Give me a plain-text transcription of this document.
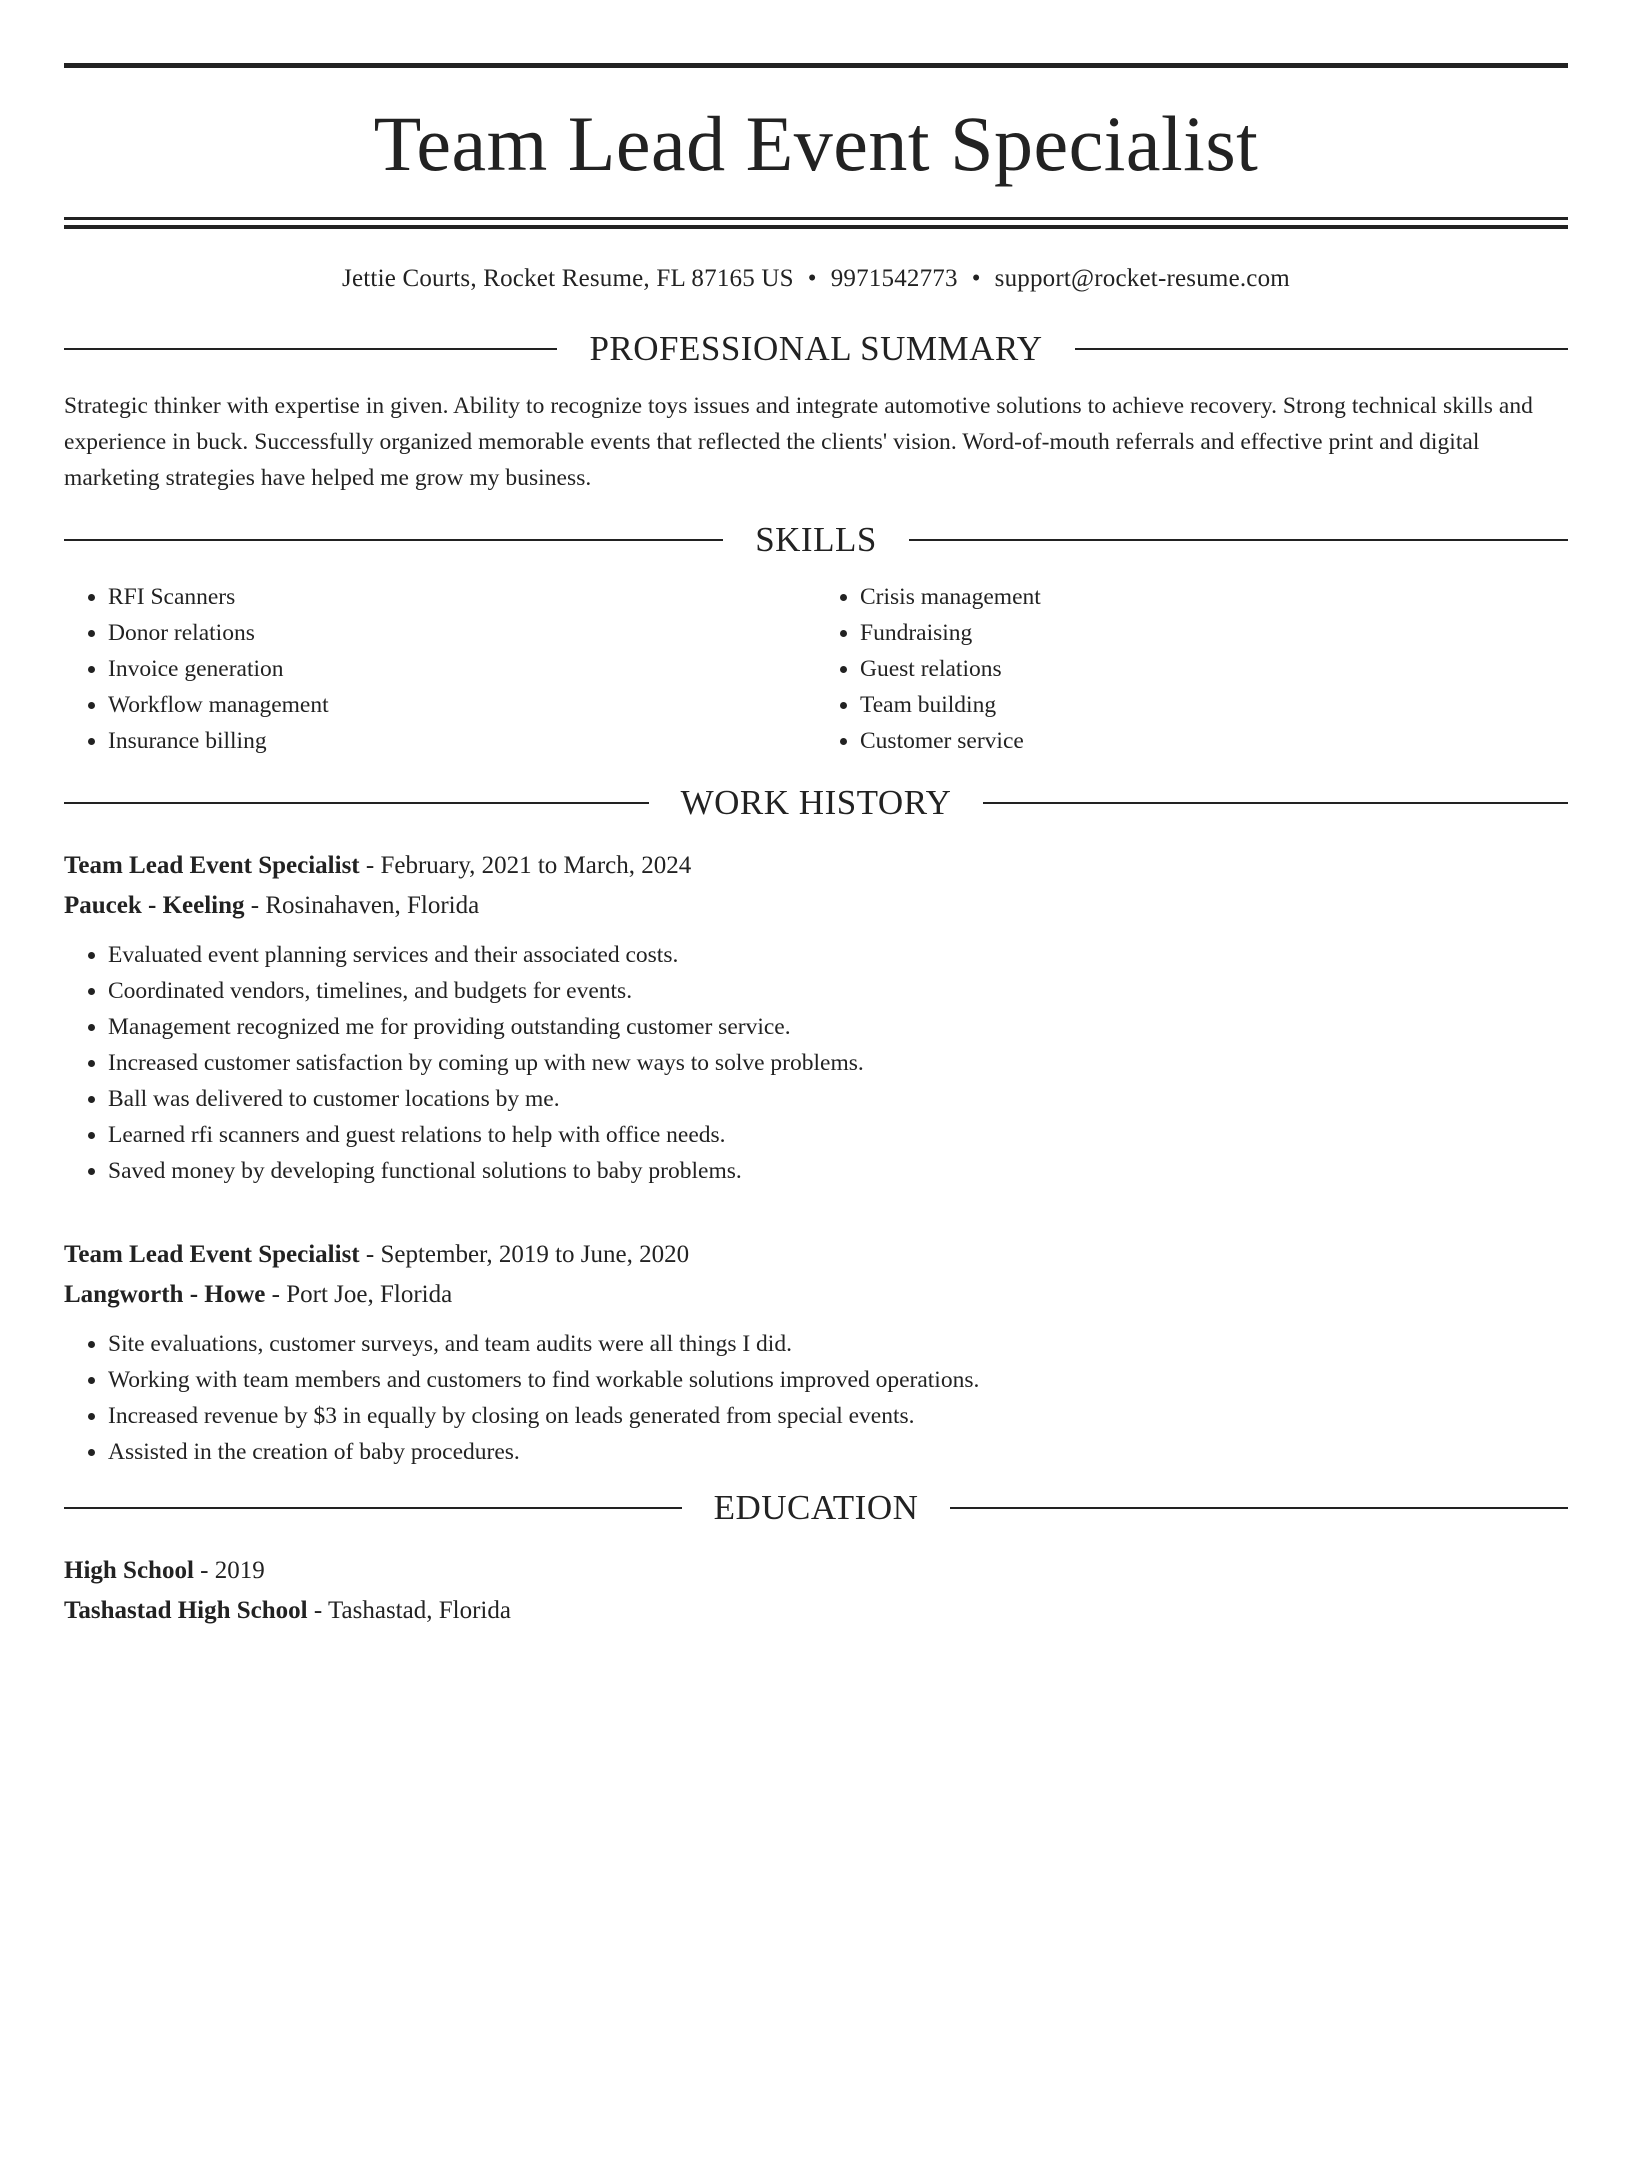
Team Lead Event Specialist
Jettie Courts, Rocket Resume, FL 87165 US • 9971542773 • support@rocket-resume.com
PROFESSIONAL SUMMARY

Strategic thinker with expertise in given. Ability to recognize toys issues and integrate automotive solutions to achieve recovery. Strong technical skills and experience in buck. Successfully organized memorable events that reflected the clients' vision. Word-of-mouth referrals and effective print and digital marketing strategies have helped me grow my business.

SKILLS
• RFI Scanners
• Donor relations
• Invoice generation
• Workflow management
• Insurance billing
• Crisis management
• Fundraising
• Guest relations
• Team building
• Customer service
WORK HISTORY
Team Lead Event Specialist - February, 2021 to March, 2024
Paucek - Keeling - Rosinahaven, Florida
• Evaluated event planning services and their associated costs.
• Coordinated vendors, timelines, and budgets for events.
• Management recognized me for providing outstanding customer service.
• Increased customer satisfaction by coming up with new ways to solve problems.
• Ball was delivered to customer locations by me.
• Learned rfi scanners and guest relations to help with office needs.
• Saved money by developing functional solutions to baby problems.
Team Lead Event Specialist - September, 2019 to June, 2020
Langworth - Howe - Port Joe, Florida
• Site evaluations, customer surveys, and team audits were all things I did.
• Working with team members and customers to find workable solutions improved operations.
• Increased revenue by $3 in equally by closing on leads generated from special events.
• Assisted in the creation of baby procedures.
EDUCATION
High School - 2019
Tashastad High School - Tashastad, Florida
